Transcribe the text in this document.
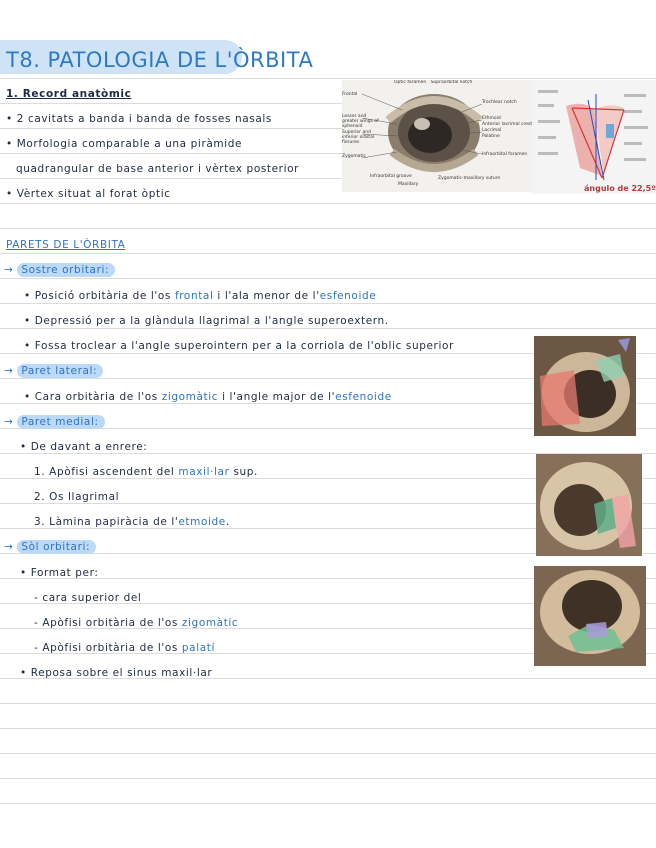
T8. PATOLOGIA DE L'ÒRBITA
1. Record anatòmic
• 2 cavitats a banda i banda de fosses nasals
• Morfologia comparable a una piràmide
quadrangular de base anterior i vèrtex posterior
• Vèrtex situat al forat òptic
Optic foramen Supraorbital notch
Frontal
Trochlear notch
Ethmoid
Anterior lacrimal crest
Lacrimal
Palatine
Lesser and greater wings of sphenoid
Superior and inferior orbital fissures
Zygomatic
Infraorbital groove
Maxillary
Zygomatic-maxillary suture
Infraorbital foramen
ángulo de 22,5º
PARETS DE L'ÒRBITA
→ Sostre orbitari:
• Posició orbitària de l'os frontal i l'ala menor de l'esfenoide
• Depressió per a la glàndula llagrimal a l'angle superoextern.
• Fossa troclear a l'angle superointern per a la corriola de l'oblic superior
→ Paret lateral:
• Cara orbitària de l'os zigomàtic i l'angle major de l'esfenoide
→ Paret medial:
• De davant a enrere:
1. Apòfisi ascendent del maxil·lar sup.
2. Os llagrimal
3. Làmina papiràcia de l'etmoide.
→ Sòl orbitari:
• Format per:
- cara superior del
- Apòfisi orbitària de l'os zigomàtic
- Apòfisi orbitària de l'os palatí
• Reposa sobre el sinus maxil·lar
